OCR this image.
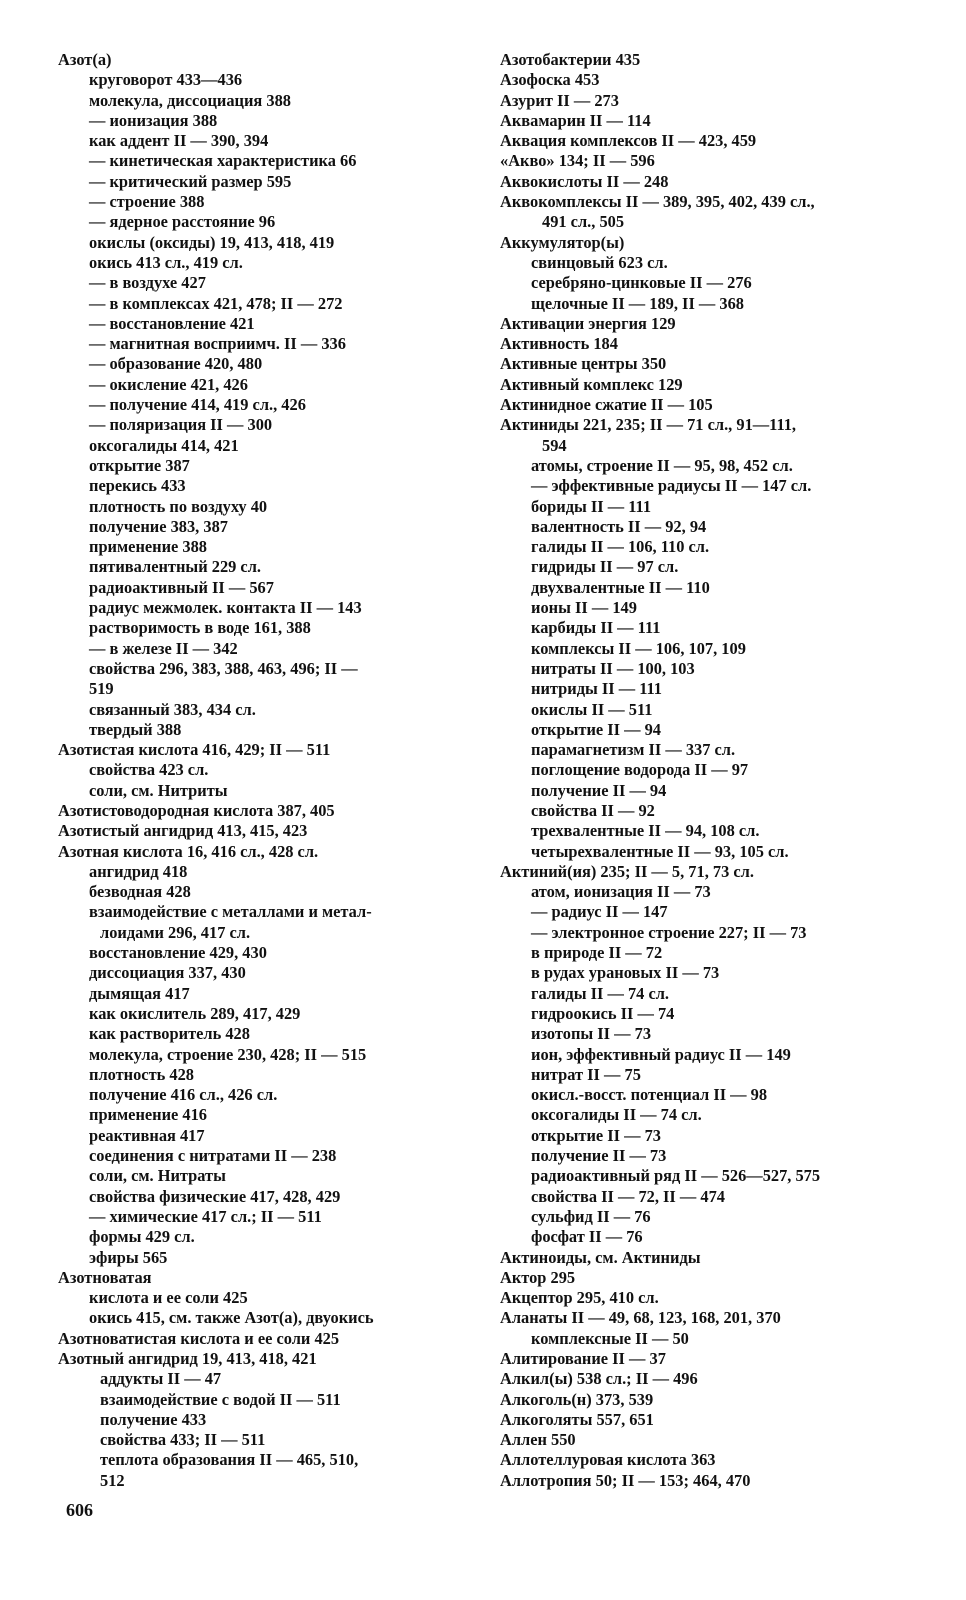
Азот(а)
круговорот 433—436
молекула, диссоциация 388
— ионизация 388
как аддент II — 390, 394
— кинетическая характеристика 66
— критический размер 595
— строение 388
— ядерное расстояние 96
окислы (оксиды) 19, 413, 418, 419
окись 413 сл., 419 сл.
— в воздухе 427
— в комплексах 421, 478; II — 272
— восстановление 421
— магнитная восприимч. II — 336
— образование 420, 480
— окисление 421, 426
— получение 414, 419 сл., 426
— поляризация II — 300
оксогалиды 414, 421
открытие 387
перекись 433
плотность по воздуху 40
получение 383, 387
применение 388
пятивалентный 229 сл.
радиоактивный II — 567
радиус межмолек. контакта II — 143
растворимость в воде 161, 388
— в железе II — 342
свойства 296, 383, 388, 463, 496; II —
519
связанный 383, 434 сл.
твердый 388
Азотистая кислота 416, 429; II — 511
свойства 423 сл.
соли, см. Нитриты
Азотистоводородная кислота 387, 405
Азотистый ангидрид 413, 415, 423
Азотная кислота 16, 416 сл., 428 сл.
ангидрид 418
безводная 428
взаимодействие с металлами и метал-
лоидами 296, 417 сл.
восстановление 429, 430
диссоциация 337, 430
дымящая 417
как окислитель 289, 417, 429
как растворитель 428
молекула, строение 230, 428; II — 515
плотность 428
получение 416 сл., 426 сл.
применение 416
реактивная 417
соединения с нитратами II — 238
соли, см. Нитраты
свойства физические 417, 428, 429
— химические 417 сл.; II — 511
формы 429 сл.
эфиры 565
Азотноватая
кислота и ее соли 425
окись 415, см. также Азот(а), двуокись
Азотноватистая кислота и ее соли 425
Азотный ангидрид 19, 413, 418, 421
аддукты II — 47
взаимодействие с водой II — 511
получение 433
свойства 433; II — 511
теплота образования II — 465, 510,
512
Азотобактерии 435
Азофоска 453
Азурит II — 273
Аквамарин II — 114
Аквация комплексов II — 423, 459
«Акво» 134; II — 596
Аквокислоты II — 248
Аквокомплексы II — 389, 395, 402, 439 сл.,
491 сл., 505
Аккумулятор(ы)
свинцовый 623 сл.
серебряно-цинковые II — 276
щелочные II — 189, II — 368
Активации энергия 129
Активность 184
Активные центры 350
Активный комплекс 129
Актинидное сжатие II — 105
Актиниды 221, 235; II — 71 сл., 91—111,
594
атомы, строение II — 95, 98, 452 сл.
— эффективные радиусы II — 147 сл.
бориды II — 111
валентность II — 92, 94
галиды II — 106, 110 сл.
гидриды II — 97 сл.
двухвалентные II — 110
ионы II — 149
карбиды II — 111
комплексы II — 106, 107, 109
нитраты II — 100, 103
нитриды II — 111
окислы II — 511
открытие II — 94
парамагнетизм II — 337 сл.
поглощение водорода II — 97
получение II — 94
свойства II — 92
трехвалентные II — 94, 108 сл.
четырехвалентные II — 93, 105 сл.
Актиний(ия) 235; II — 5, 71, 73 сл.
атом, ионизация II — 73
— радиус II — 147
— электронное строение 227; II — 73
в природе II — 72
в рудах урановых II — 73
галиды II — 74 сл.
гидроокись II — 74
изотопы II — 73
ион, эффективный радиус II — 149
нитрат II — 75
окисл.-восст. потенциал II — 98
оксогалиды II — 74 сл.
открытие II — 73
получение II — 73
радиоактивный ряд II — 526—527, 575
свойства II — 72, II — 474
сульфид II — 76
фосфат II — 76
Актиноиды, см. Актиниды
Актор 295
Акцептор 295, 410 сл.
Аланаты II — 49, 68, 123, 168, 201, 370
комплексные II — 50
Алитирование II — 37
Алкил(ы) 538 сл.; II — 496
Алкоголь(н) 373, 539
Алкоголяты 557, 651
Аллен 550
Аллотеллуровая кислота 363
Аллотропия 50; II — 153; 464, 470
606
